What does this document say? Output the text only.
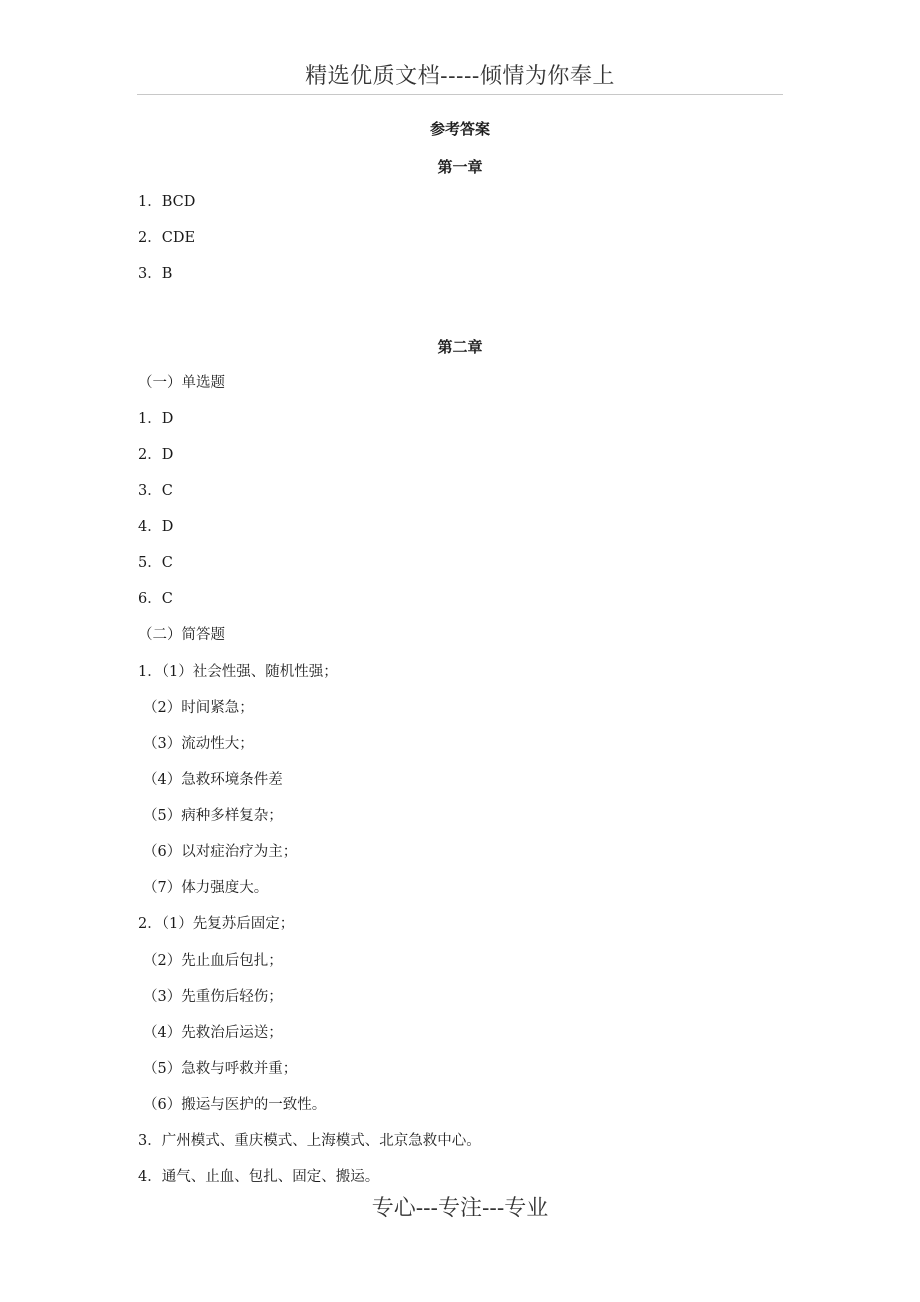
精选优质文档-----倾情为你奉上
参考答案
第一章
1．BCD
2．CDE
3．B
第二章
（一）单选题
1．D
2．D
3．C
4．D
5．C
6．C
（二）简答题
1．（1）社会性强、随机性强；
（2）时间紧急；
（3）流动性大；
（4）急救环境条件差
（5）病种多样复杂；
（6）以对症治疗为主；
（7）体力强度大。
2．（1）先复苏后固定；
（2）先止血后包扎；
（3）先重伤后轻伤；
（4）先救治后运送；
（5）急救与呼救并重；
（6）搬运与医护的一致性。
3．广州模式、重庆模式、上海模式、北京急救中心。
4．通气、止血、包扎、固定、搬运。
专心---专注---专业
